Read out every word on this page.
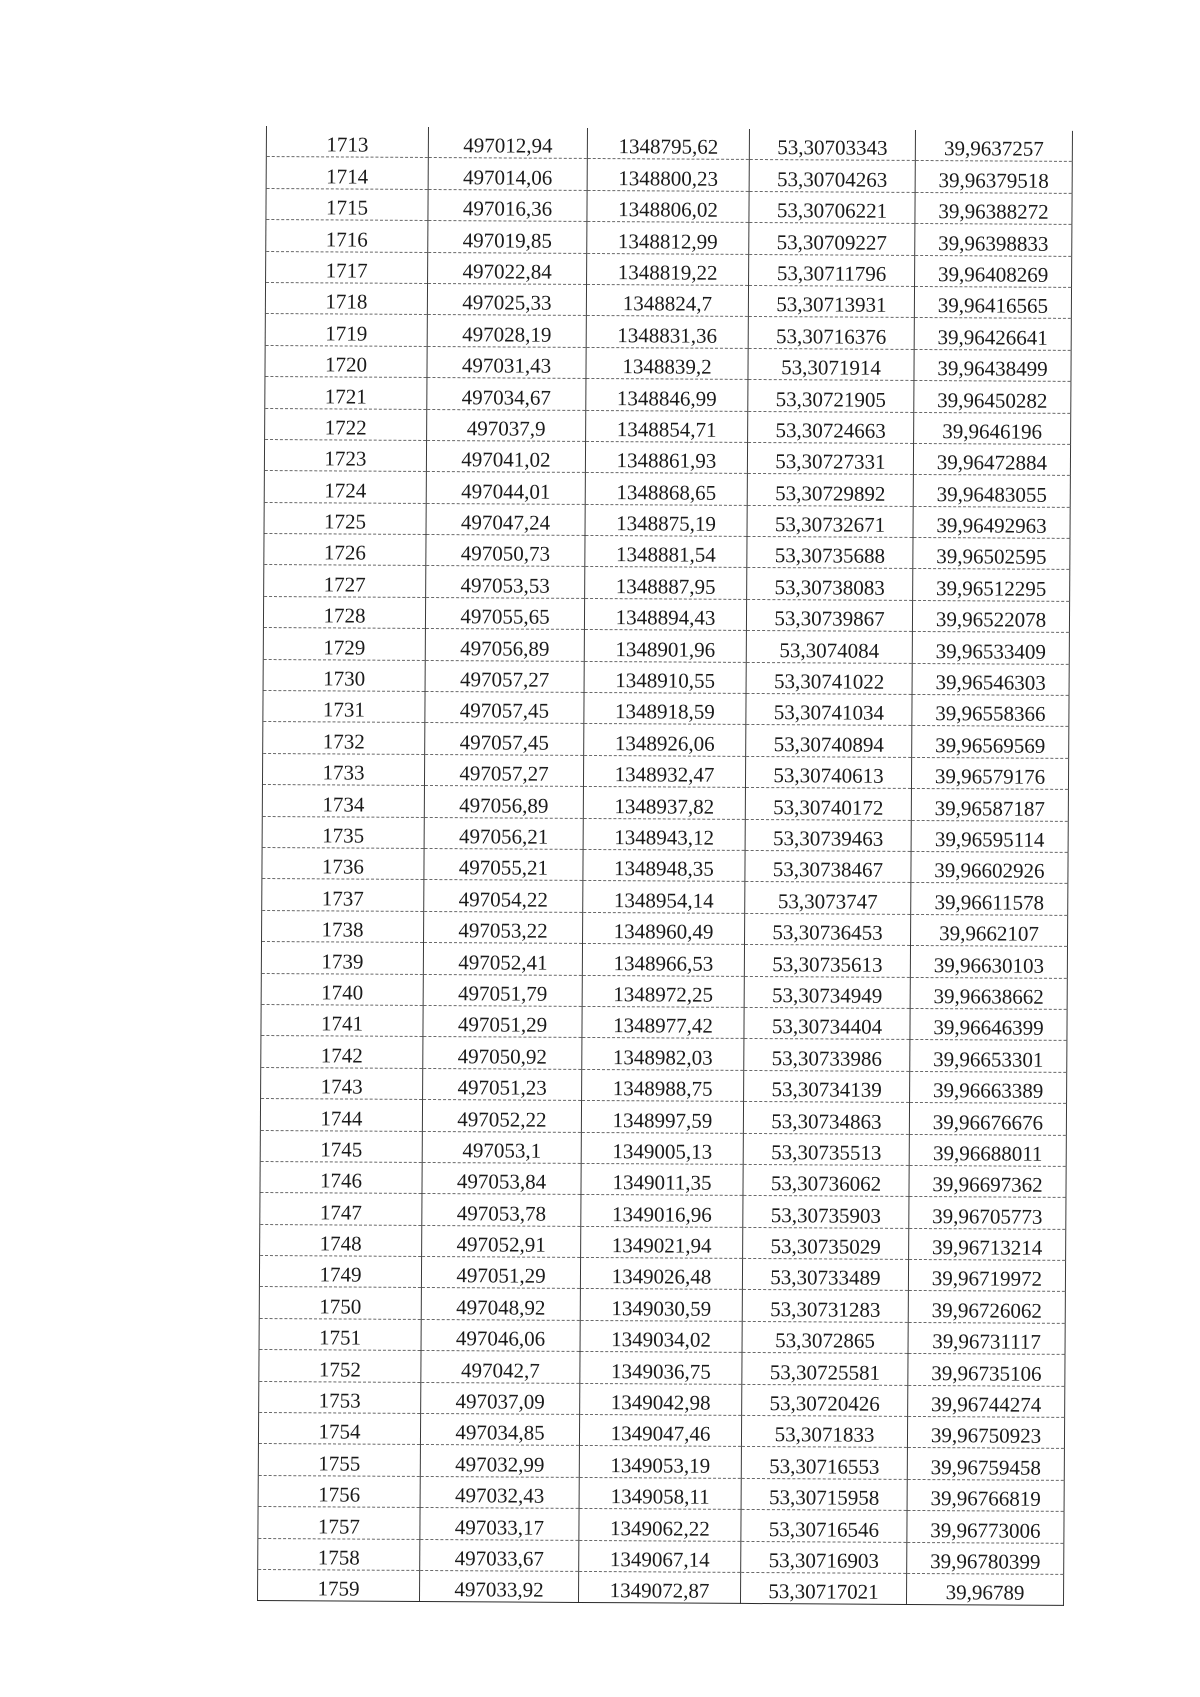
1713	497012,94	1348795,62	53,30703343	39,9637257
1714	497014,06	1348800,23	53,30704263	39,96379518
1715	497016,36	1348806,02	53,30706221	39,96388272
1716	497019,85	1348812,99	53,30709227	39,96398833
1717	497022,84	1348819,22	53,30711796	39,96408269
1718	497025,33	1348824,7	53,30713931	39,96416565
1719	497028,19	1348831,36	53,30716376	39,96426641
1720	497031,43	1348839,2	53,3071914	39,96438499
1721	497034,67	1348846,99	53,30721905	39,96450282
1722	497037,9	1348854,71	53,30724663	39,9646196
1723	497041,02	1348861,93	53,30727331	39,96472884
1724	497044,01	1348868,65	53,30729892	39,96483055
1725	497047,24	1348875,19	53,30732671	39,96492963
1726	497050,73	1348881,54	53,30735688	39,96502595
1727	497053,53	1348887,95	53,30738083	39,96512295
1728	497055,65	1348894,43	53,30739867	39,96522078
1729	497056,89	1348901,96	53,3074084	39,96533409
1730	497057,27	1348910,55	53,30741022	39,96546303
1731	497057,45	1348918,59	53,30741034	39,96558366
1732	497057,45	1348926,06	53,30740894	39,96569569
1733	497057,27	1348932,47	53,30740613	39,96579176
1734	497056,89	1348937,82	53,30740172	39,96587187
1735	497056,21	1348943,12	53,30739463	39,96595114
1736	497055,21	1348948,35	53,30738467	39,96602926
1737	497054,22	1348954,14	53,3073747	39,96611578
1738	497053,22	1348960,49	53,30736453	39,9662107
1739	497052,41	1348966,53	53,30735613	39,96630103
1740	497051,79	1348972,25	53,30734949	39,96638662
1741	497051,29	1348977,42	53,30734404	39,96646399
1742	497050,92	1348982,03	53,30733986	39,96653301
1743	497051,23	1348988,75	53,30734139	39,96663389
1744	497052,22	1348997,59	53,30734863	39,96676676
1745	497053,1	1349005,13	53,30735513	39,96688011
1746	497053,84	1349011,35	53,30736062	39,96697362
1747	497053,78	1349016,96	53,30735903	39,96705773
1748	497052,91	1349021,94	53,30735029	39,96713214
1749	497051,29	1349026,48	53,30733489	39,96719972
1750	497048,92	1349030,59	53,30731283	39,96726062
1751	497046,06	1349034,02	53,3072865	39,96731117
1752	497042,7	1349036,75	53,30725581	39,96735106
1753	497037,09	1349042,98	53,30720426	39,96744274
1754	497034,85	1349047,46	53,3071833	39,96750923
1755	497032,99	1349053,19	53,30716553	39,96759458
1756	497032,43	1349058,11	53,30715958	39,96766819
1757	497033,17	1349062,22	53,30716546	39,96773006
1758	497033,67	1349067,14	53,30716903	39,96780399
1759	497033,92	1349072,87	53,30717021	39,96789
